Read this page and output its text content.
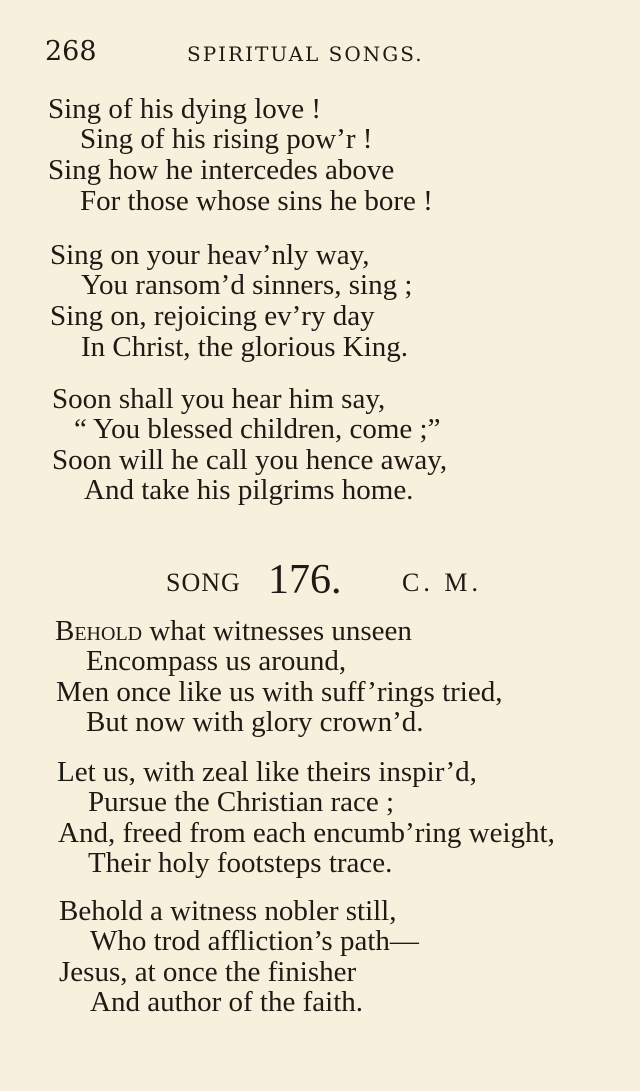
268	SPIRITUAL SONGS.
Sing of his dying love !
Sing of his rising pow’r !
Sing how he intercedes above
For those whose sins he bore !
Sing on your heav’nly way,
You ransom’d sinners, sing ;
Sing on, rejoicing ev’ry day
In Christ, the glorious King.
Soon shall you hear him say,
“ You blessed children, come ;”
Soon will he call you hence away,
And take his pilgrims home.
SONG 176. C. M.
Behold what witnesses unseen
Encompass us around,
Men once like us with suff’rings tried,
But now with glory crown’d.
Let us, with zeal like theirs inspir’d,
Pursue the Christian race ;
And, freed from each encumb’ring weight,
Their holy footsteps trace.
Behold a witness nobler still,
Who trod affliction’s path—
Jesus, at once the finisher
And author of the faith.
